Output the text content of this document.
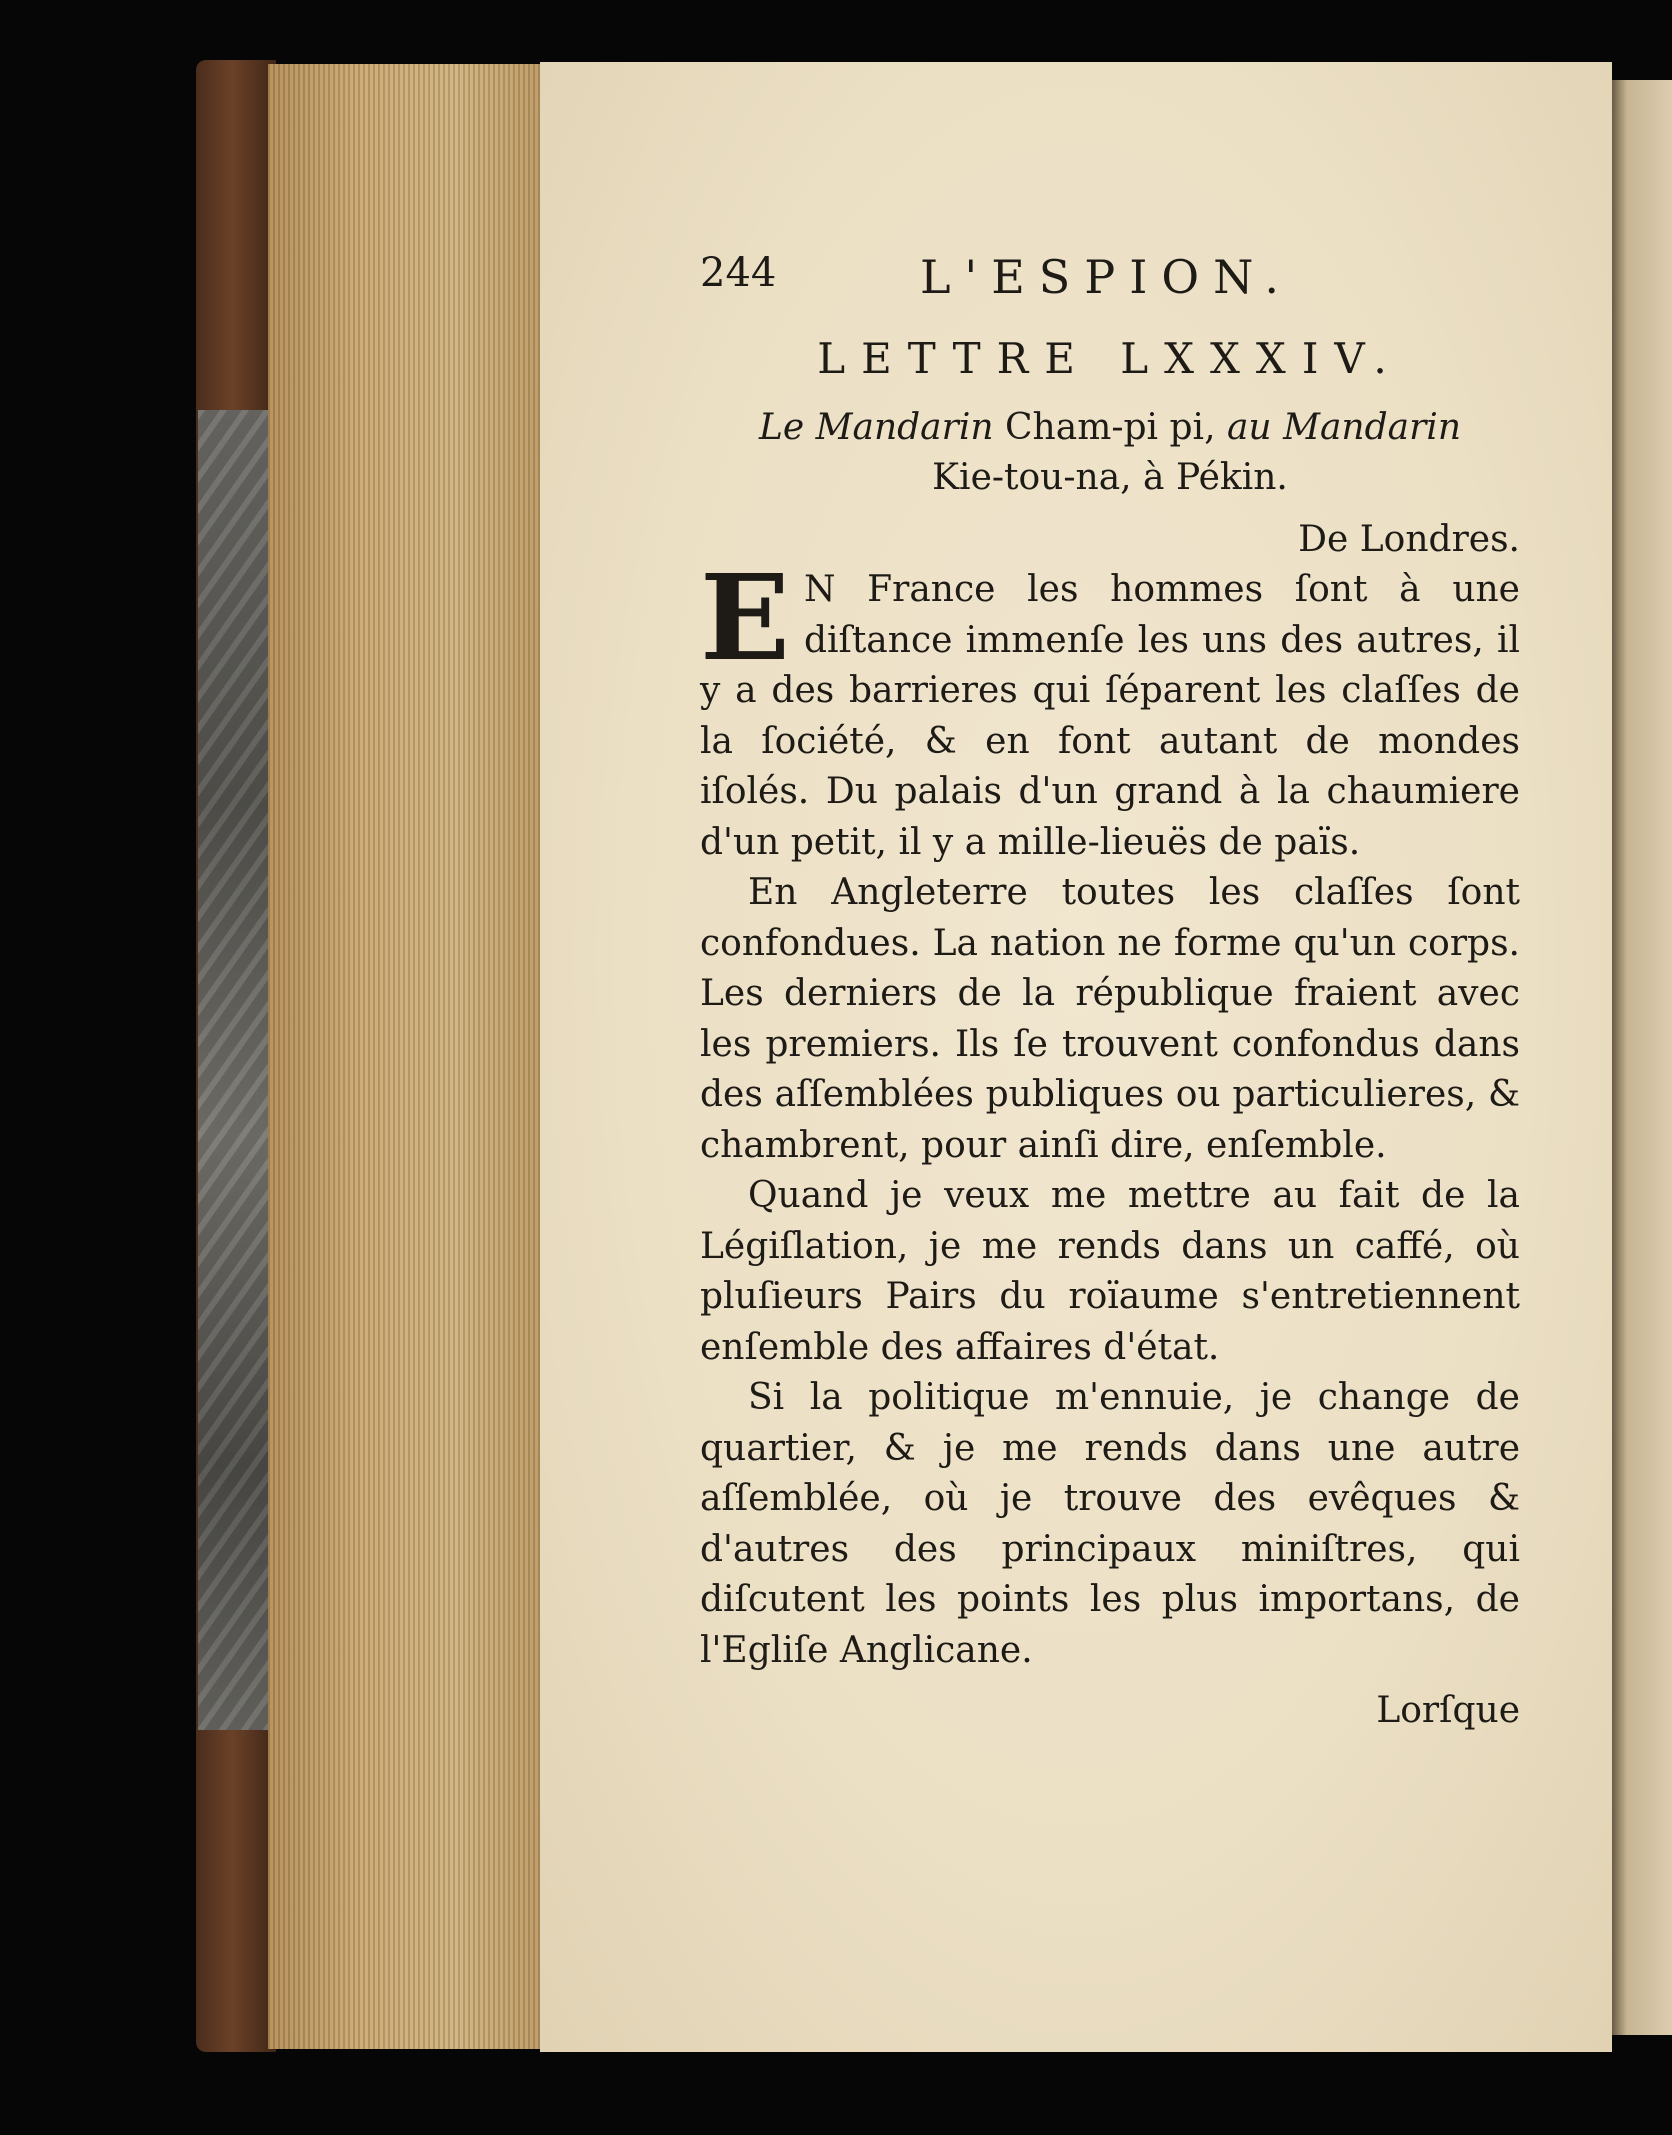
244	L'ESPION.
LETTRE LXXXIV.
Le Mandarin Cham-pi pi, au Mandarin
Kie-tou-na, à Pékin.
De Londres.

E N France les hommes ſont à une diſtance immenſe les uns des autres, il y a des barrieres qui ſéparent les claſſes de la ſociété, & en font autant de mondes iſolés. Du palais d'un grand à la chaumiere d'un petit, il y a mille-lieuës de païs.

En Angleterre toutes les claſſes ſont confondues. La nation ne forme qu'un corps. Les derniers de la république fraient avec les premiers. Ils ſe trouvent confondus dans des aſſemblées publiques ou particulieres, & chambrent, pour ainſi dire, enſemble.

Quand je veux me mettre au fait de la Légiſlation, je me rends dans un caffé, où pluſieurs Pairs du roïaume s'entretiennent enſemble des affaires d'état.

Si la politique m'ennuie, je change de quartier, & je me rends dans une autre aſſemblée, où je trouve des evêques & d'autres des principaux miniſtres, qui diſcutent les points les plus importans, de l'Egliſe Anglicane.

Lorſque
